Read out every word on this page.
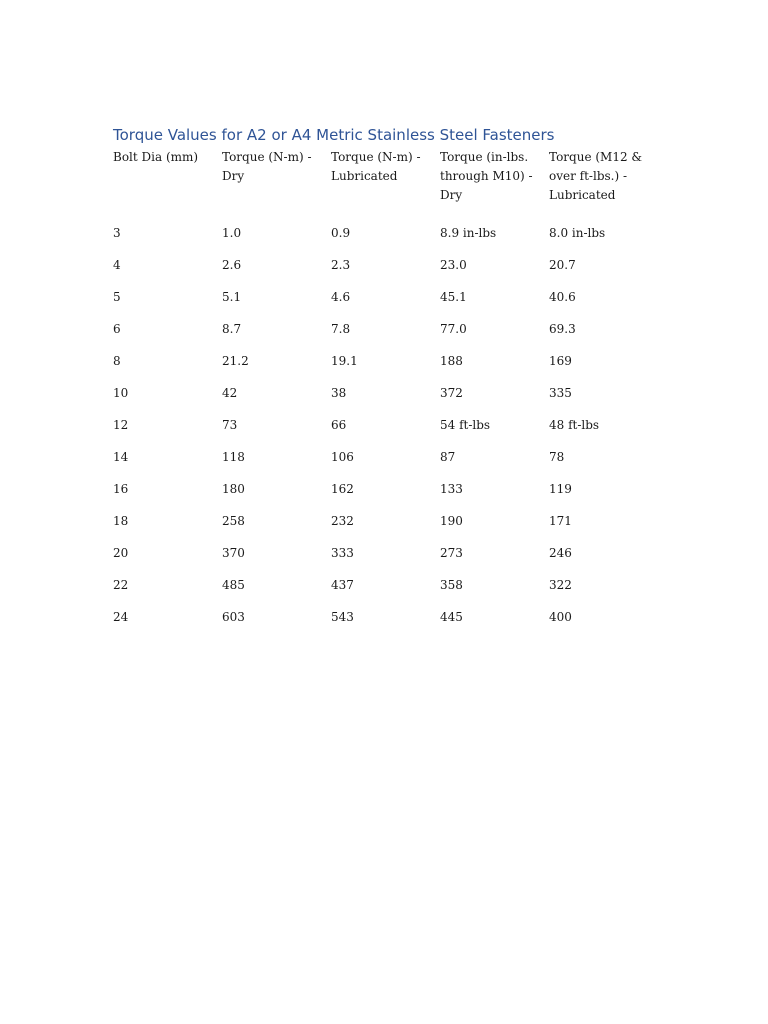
Torque Values for A2 or A4 Metric Stainless Steel Fasteners
Bolt Dia (mm)	Torque (N-m) - Dry	Torque (N-m) - Lubricated	Torque (in-lbs. through M10) - Dry	Torque (M12 & over ft-lbs.) - Lubricated
3	1.0	0.9	8.9 in-lbs	8.0 in-lbs
4	2.6	2.3	23.0	20.7
5	5.1	4.6	45.1	40.6
6	8.7	7.8	77.0	69.3
8	21.2	19.1	188	169
10	42	38	372	335
12	73	66	54 ft-lbs	48 ft-lbs
14	118	106	87	78
16	180	162	133	119
18	258	232	190	171
20	370	333	273	246
22	485	437	358	322
24	603	543	445	400
